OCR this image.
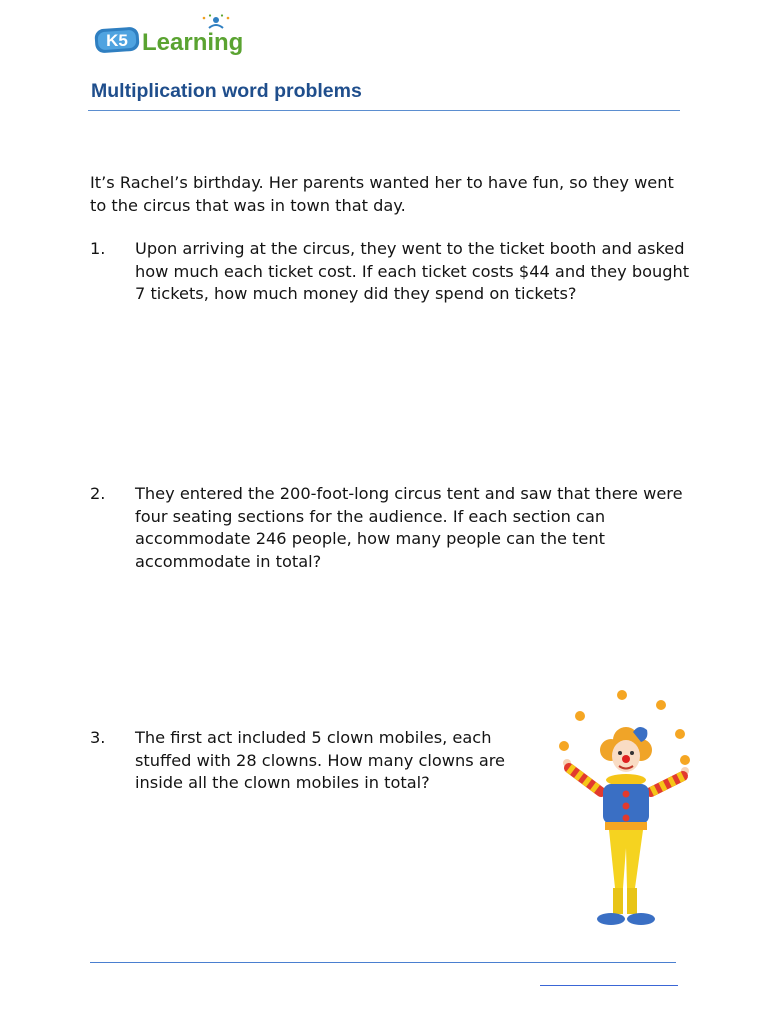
K5 Learning
Multiplication word problems
It’s Rachel’s birthday. Her parents wanted her to have fun, so they went to the circus that was in town that day.
1. Upon arriving at the circus, they went to the ticket booth and asked how much each ticket cost. If each ticket costs $44 and they bought 7 tickets, how much money did they spend on tickets?
2. They entered the 200-foot-long circus tent and saw that there were four seating sections for the audience. If each section can accommodate 246 people, how many people can the tent accommodate in total?
3. The first act included 5 clown mobiles, each stuffed with 28 clowns. How many clowns are inside all the clown mobiles in total?
